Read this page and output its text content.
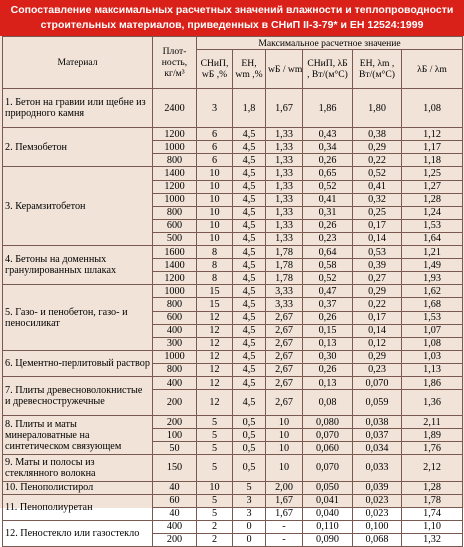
Сопоставление максимальных расчетных значений влажности и теплопроводности
строительных материалов, приведенных в СНиП II-3-79* и ЕН 12524:1999
Материал	Плот-ность, кг/м³	Максимальное расчетное значение					
		СНиП, wБ ,%	ЕН, wm ,%	wБ / wm	СНиП, λБ , Вт/(м°С)	ЕН, λm , Вт/(м°С)	λБ / λm
1. Бетон на гравии или щебне из природного камня	2400	3	1,8	1,67	1,86	1,80	1,08
2. Пемзобетон	1200	6	4,5	1,33	0,43	0,38	1,12
	1000	6	4,5	1,33	0,34	0,29	1,17
	800	6	4,5	1,33	0,26	0,22	1,18
3. Керамзитобетон	1400	10	4,5	1,33	0,65	0,52	1,25
	1200	10	4,5	1,33	0,52	0,41	1,27
	1000	10	4,5	1,33	0,41	0,32	1,28
	800	10	4,5	1,33	0,31	0,25	1,24
	600	10	4,5	1,33	0,26	0,17	1,53
	500	10	4,5	1,33	0,23	0,14	1,64
4. Бетоны на доменных гранулированных шлаках	1600	8	4,5	1,78	0,64	0,53	1,21
	1400	8	4,5	1,78	0,58	0,39	1,49
	1200	8	4,5	1,78	0,52	0,27	1,93
5. Газо- и пенобетон, газо- и пеносиликат	1000	15	4,5	3,33	0,47	0,29	1,62
	800	15	4,5	3,33	0,37	0,22	1,68
	600	12	4,5	2,67	0,26	0,17	1,53
	400	12	4,5	2,67	0,15	0,14	1,07
	300	12	4,5	2,67	0,13	0,12	1,08
6. Цементно-перлитовый раствор	1000	12	4,5	2,67	0,30	0,29	1,03
	800	12	4,5	2,67	0,26	0,23	1,13
7. Плиты древесноволокнистые и древесностружечные	400	12	4,5	2,67	0,13	0,070	1,86
	200	12	4,5	2,67	0,08	0,059	1,36
8. Плиты и маты минераловатные на синтетическом связующем	200	5	0,5	10	0,080	0,038	2,11
	100	5	0,5	10	0,070	0,037	1,89
	50	5	0,5	10	0,060	0,034	1,76
9. Маты и полосы из стеклянного волокна	150	5	0,5	10	0,070	0,033	2,12
10. Пенополистирол	40	10	5	2,00	0,050	0,039	1,28
11. Пенополиуретан	60	5	3	1,67	0,041	0,023	1,78
	40	5	3	1,67	0,040	0,023	1,74
12. Пеностекло или газостекло	400	2	0	-	0,110	0,100	1,10
	200	2	0	-	0,090	0,068	1,32
